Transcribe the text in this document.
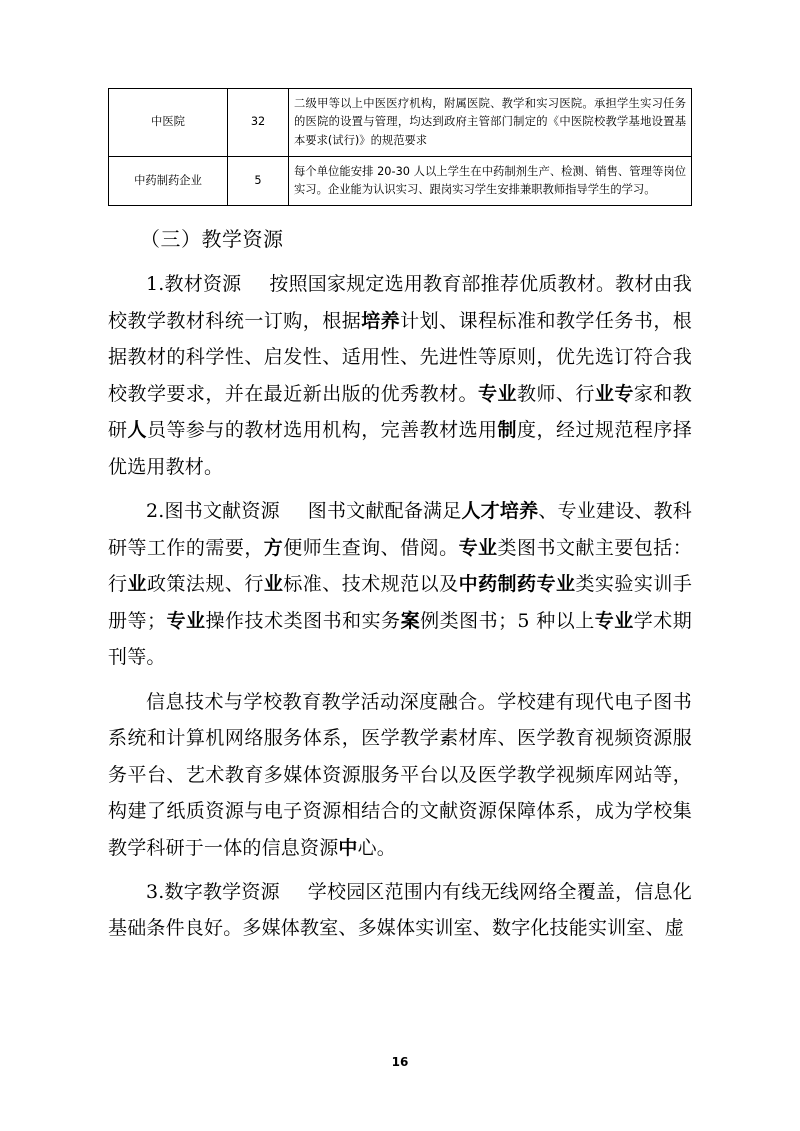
中医院	32	二级甲等以上中医医疗机构，附属医院、教学和实习医院。承担学生实习任务的医院的设置与管理，均达到政府主管部门制定的《中医院校教学基地设置基本要求(试行)》的规范要求
中药制药企业	5	每个单位能安排 20-30 人以上学生在中药制剂生产、检测、销售、管理等岗位实习。企业能为认识实习、跟岗实习学生安排兼职教师指导学生的学习。
（三）教学资源

1.教材资源 按照国家规定选用教育部推荐优质教材。教材由我校教学教材科统一订购，根据培养计划、课程标准和教学任务书，根据教材的科学性、启发性、适用性、先进性等原则，优先选订符合我校教学要求，并在最近新出版的优秀教材。专业教师、行业专家和教研人员等参与的教材选用机构，完善教材选用制度，经过规范程序择优选用教材。

2.图书文献资源 图书文献配备满足人才培养、专业建设、教科研等工作的需要，方便师生查询、借阅。专业类图书文献主要包括：行业政策法规、行业标准、技术规范以及中药制药专业类实验实训手册等；专业操作技术类图书和实务案例类图书；5 种以上专业学术期刊等。

信息技术与学校教育教学活动深度融合。学校建有现代电子图书系统和计算机网络服务体系，医学教学素材库、医学教育视频资源服务平台、艺术教育多媒体资源服务平台以及医学教学视频库网站等，构建了纸质资源与电子资源相结合的文献资源保障体系，成为学校集教学科研于一体的信息资源中心。

3.数字教学资源 学校园区范围内有线无线网络全覆盖，信息化基础条件良好。多媒体教室、多媒体实训室、数字化技能实训室、虚

16
